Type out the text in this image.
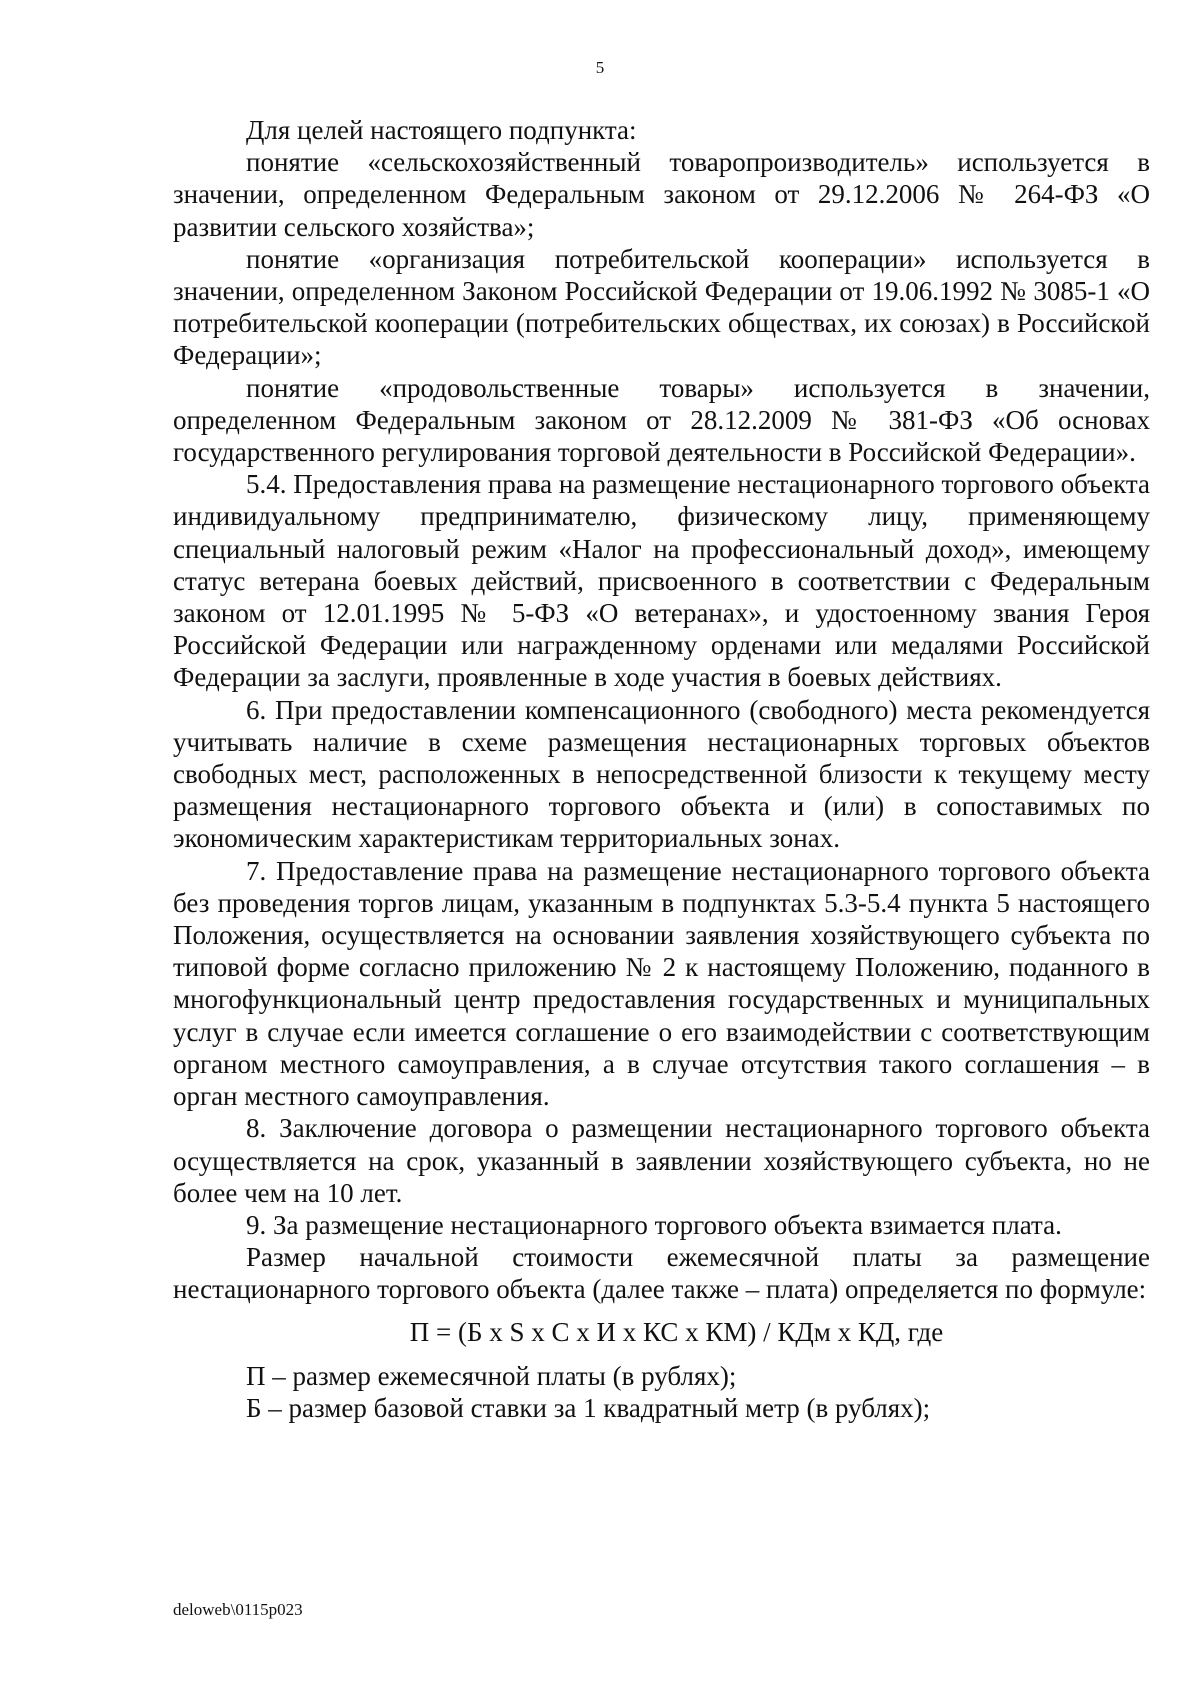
5

Для целей настоящего подпункта:

понятие «сельскохозяйственный товаропроизводитель» используется в значении, определенном Федеральным законом от 29.12.2006 № 264-ФЗ «О развитии сельского хозяйства»;

понятие «организация потребительской кооперации» используется в значении, определенном Законом Российской Федерации от 19.06.1992 № 3085-1 «О потребительской кооперации (потребительских обществах, их союзах) в Российской Федерации»;

понятие «продовольственные товары» используется в значении, определенном Федеральным законом от 28.12.2009 № 381-ФЗ «Об основах государственного регулирования торговой деятельности в Российской Федерации».

5.4. Предоставления права на размещение нестационарного торгового объекта индивидуальному предпринимателю, физическому лицу, применяющему специальный налоговый режим «Налог на профессиональный доход», имеющему статус ветерана боевых действий, присвоенного в соответствии с Федеральным законом от 12.01.1995 № 5-ФЗ «О ветеранах», и удостоенному звания Героя Российской Федерации или награжденному орденами или медалями Российской Федерации за заслуги, проявленные в ходе участия в боевых действиях.

6. При предоставлении компенсационного (свободного) места рекомендуется учитывать наличие в схеме размещения нестационарных торговых объектов свободных мест, расположенных в непосредственной близости к текущему месту размещения нестационарного торгового объекта и (или) в сопоставимых по экономическим характеристикам территориальных зонах.

7. Предоставление права на размещение нестационарного торгового объекта без проведения торгов лицам, указанным в подпунктах 5.3-5.4 пункта 5 настоящего Положения, осуществляется на основании заявления хозяйствующего субъекта по типовой форме согласно приложению № 2 к настоящему Положению, поданного в многофункциональный центр предоставления государственных и муниципальных услуг в случае если имеется соглашение о его взаимодействии с соответствующим органом местного самоуправления, а в случае отсутствия такого соглашения – в орган местного самоуправления.

8. Заключение договора о размещении нестационарного торгового объекта осуществляется на срок, указанный в заявлении хозяйствующего субъекта, но не более чем на 10 лет.

9. За размещение нестационарного торгового объекта взимается плата.

Размер начальной стоимости ежемесячной платы за размещение нестационарного торгового объекта (далее также – плата) определяется по формуле:

П = (Б x S x C x И x КС x КМ) / КДм x КД, где

П – размер ежемесячной платы (в рублях);

Б – размер базовой ставки за 1 квадратный метр (в рублях);

deloweb\0115p023
